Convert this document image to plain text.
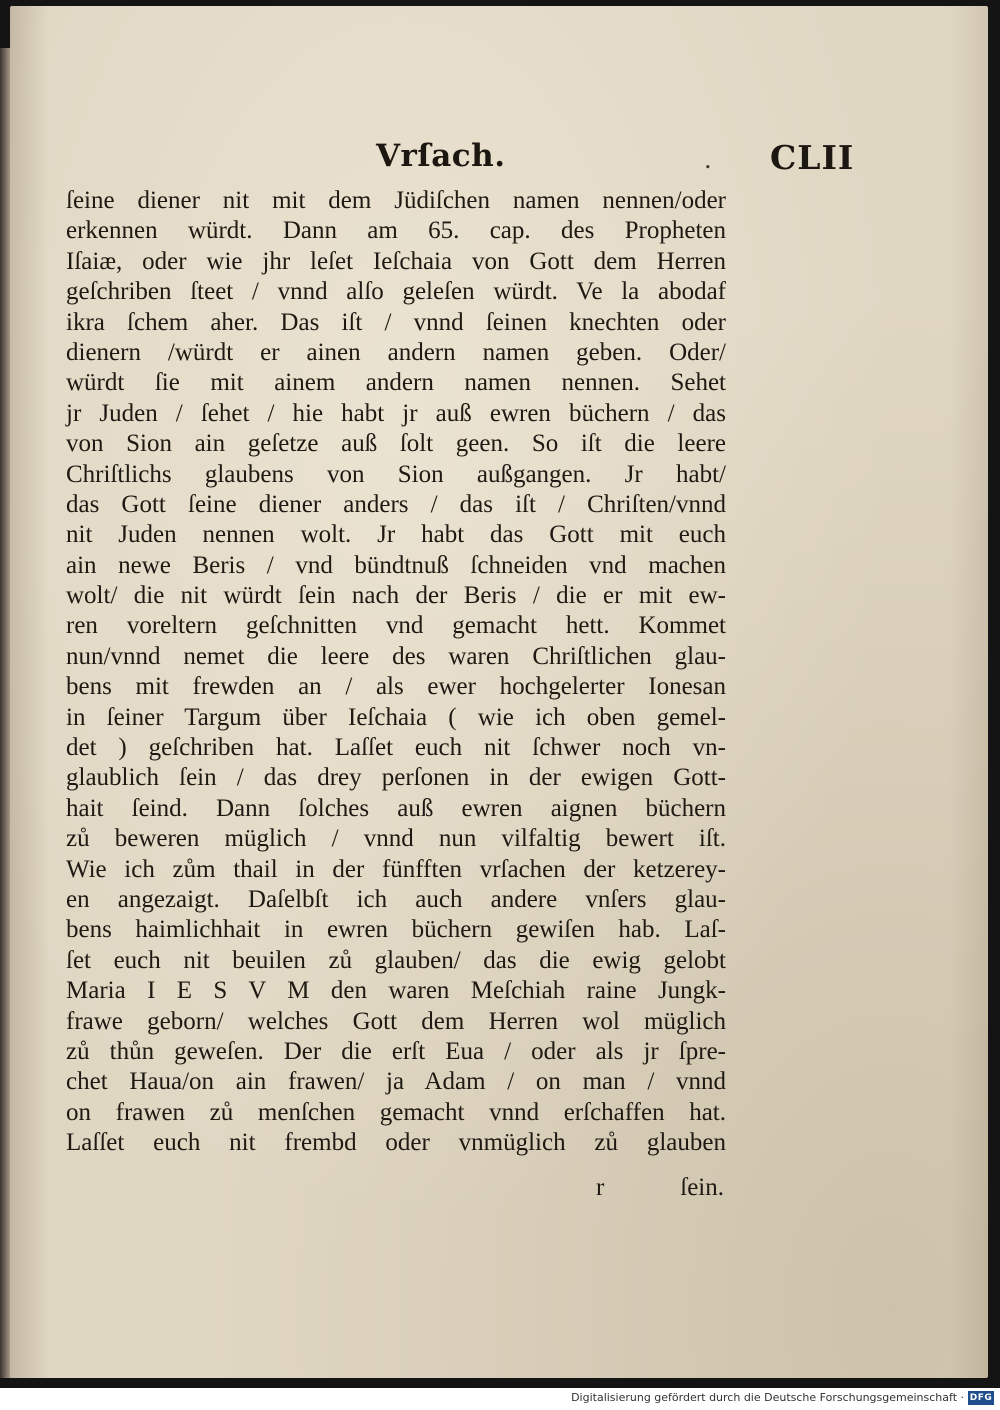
Vrſach.	. CLII
ſeine diener nit mit dem Jüdiſchen namen nennen/oder
erkennen würdt. Dann am 65. cap. des Propheten
Iſaiæ, oder wie jhr leſet Ieſchaia von Gott dem Herren
geſchriben ſteet / vnnd alſo geleſen würdt. Ve la abodaf
ikra ſchem aher. Das iſt / vnnd ſeinen knechten oder
dienern /würdt er ainen andern namen geben. Oder/
würdt ſie mit ainem andern namen nennen. Sehet
jr Juden / ſehet / hie habt jr auß ewren büchern / das
von Sion ain geſetze auß ſolt geen. So iſt die leere
Chriſtlichs glaubens von Sion außgangen. Jr habt/
das Gott ſeine diener anders / das iſt / Chriſten/vnnd
nit Juden nennen wolt. Jr habt das Gott mit euch
ain newe Beris / vnd bündtnuß ſchneiden vnd machen
wolt/ die nit würdt ſein nach der Beris / die er mit ew-
ren voreltern geſchnitten vnd gemacht hett. Kommet
nun/vnnd nemet die leere des waren Chriſtlichen glau-
bens mit frewden an / als ewer hochgelerter Ionesan
in ſeiner Targum über Ieſchaia ( wie ich oben gemel-
det ) geſchriben hat. Laſſet euch nit ſchwer noch vn-
glaublich ſein / das drey perſonen in der ewigen Gott-
hait ſeind. Dann ſolches auß ewren aignen büchern
zů beweren müglich / vnnd nun vilfaltig bewert iſt.
Wie ich zům thail in der fünfften vrſachen der ketzerey-
en angezaigt. Daſelbſt ich auch andere vnſers glau-
bens haimlichhait in ewren büchern gewiſen hab. Laſ-
ſet euch nit beuilen zů glauben/ das die ewig gelobt
Maria I E S V M den waren Meſchiah raine Jungk-
frawe geborn/ welches Gott dem Herren wol müglich
zů thůn geweſen. Der die erſt Eua / oder als jr ſpre-
chet Haua/on ain frawen/ ja Adam / on man / vnnd
on frawen zů menſchen gemacht vnnd erſchaffen hat.
Laſſet euch nit frembd oder vnmüglich zů glauben
r	ſein.
Digitalisierung gefördert durch die Deutsche Forschungsgemeinschaft · DFG
